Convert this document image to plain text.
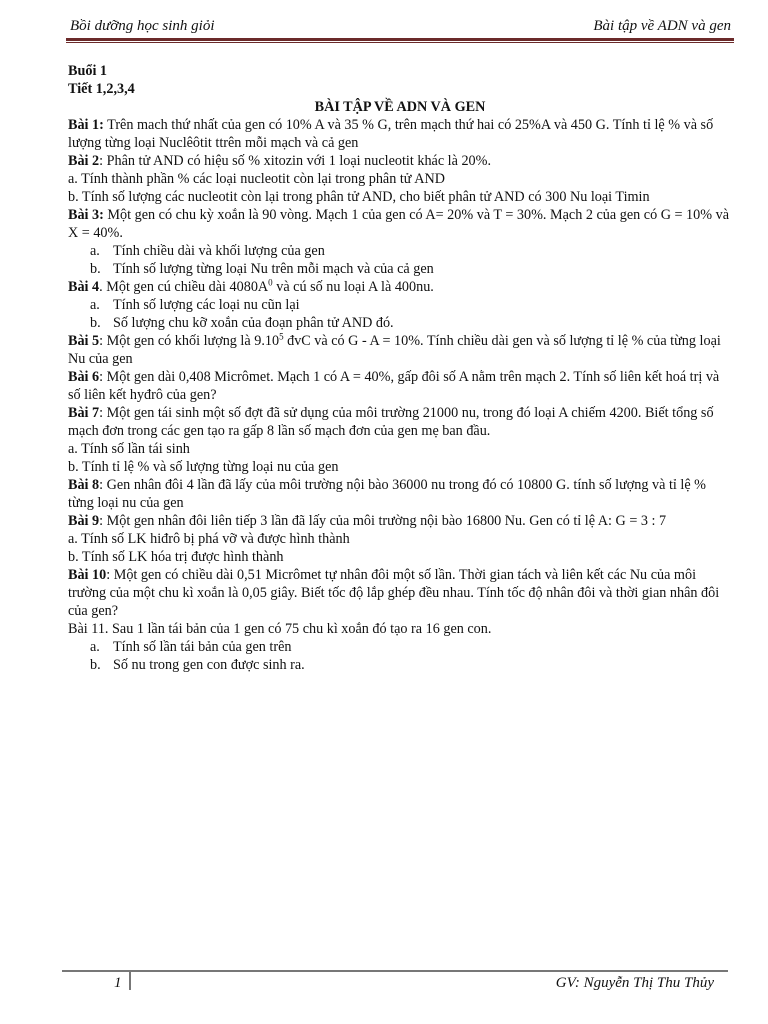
Bồi dưỡng học sinh giỏi	Bài tập về ADN và gen

Buổi 1

Tiết 1,2,3,4

BÀI TẬP VỀ ADN VÀ GEN

Bài 1: Trên mach thứ nhất của gen có 10% A và 35 % G, trên mạch thứ hai có 25%A và 450 G. Tính tỉ lệ % và số lượng từng loại Nuclêôtit ttrên mỗi mạch và cả gen

Bài 2: Phân tử AND có hiệu số % xitozin với 1 loại nucleotit khác là 20%.

a. Tính thành phần % các loại nucleotit còn lại trong phân tử AND

b. Tính số lượng các nucleotit còn lại trong phân tử AND, cho biết phân tử AND có 300 Nu loại Timin

Bài 3: Một gen có chu kỳ xoắn là 90 vòng. Mạch 1 của gen có A= 20% và T = 30%. Mạch 2 của gen có G = 10% và X = 40%.

a. Tính chiều dài và khối lượng của gen

b. Tính số lượng từng loại Nu trên mỗi mạch và của cả gen

Bài 4. Một gen cú chiều dài $4080A^0$ và cú số nu loại A là 400nu.

a. Tính số lượng các loại nu cũn lại

b. Số lượng chu kỡ xoắn của đoạn phân tử AND đó.

Bài 5: Một gen có khối lượng là 9.10$^5$ đvC và có G - A = 10%. Tính chiều dài gen và số lượng tỉ lệ % của từng loại Nu của gen

Bài 6: Một gen dài 0,408 Micrômet. Mạch 1 có A = 40%, gấp đôi số A nằm trên mạch 2. Tính số liên kết hoá trị và số liên kết hyđrô của gen?

Bài 7: Một gen tái sinh một số đợt đã sử dụng của môi trường 21000 nu, trong đó loại A chiếm 4200. Biết tổng số mạch đơn trong các gen tạo ra gấp 8 lần số mạch đơn của gen mẹ ban đầu.

a. Tính số lần tái sinh

b. Tính tỉ lệ % và số lượng từng loại nu của gen

Bài 8: Gen nhân đôi 4 lần đã lấy của môi trường nội bào 36000 nu trong đó có 10800 G. tính số lượng và tỉ lệ % từng loại nu của gen

Bài 9: Một gen nhân đôi liên tiếp 3 lần đã lấy của môi trường nội bào 16800 Nu. Gen có tỉ lệ A: G = 3 : 7

a. Tính số LK hiđrô bị phá vỡ và được hình thành

b. Tính số LK hóa trị được hình thành

Bài 10: Một gen có chiều dài 0,51 Micrômet tự nhân đôi một số lần. Thời gian tách và liên kết các Nu của môi trường của một chu kì xoắn là 0,05 giây. Biết tốc độ lắp ghép đều nhau. Tính tốc độ nhân đôi và thời gian nhân đôi của gen?

Bài 11. Sau 1 lần tái bản của 1 gen có 75 chu kì xoắn đó tạo ra 16 gen con.

a. Tính số lần tái bản của gen trên

b. Số nu trong gen con được sinh ra.

1	GV: Nguyễn Thị Thu Thủy
